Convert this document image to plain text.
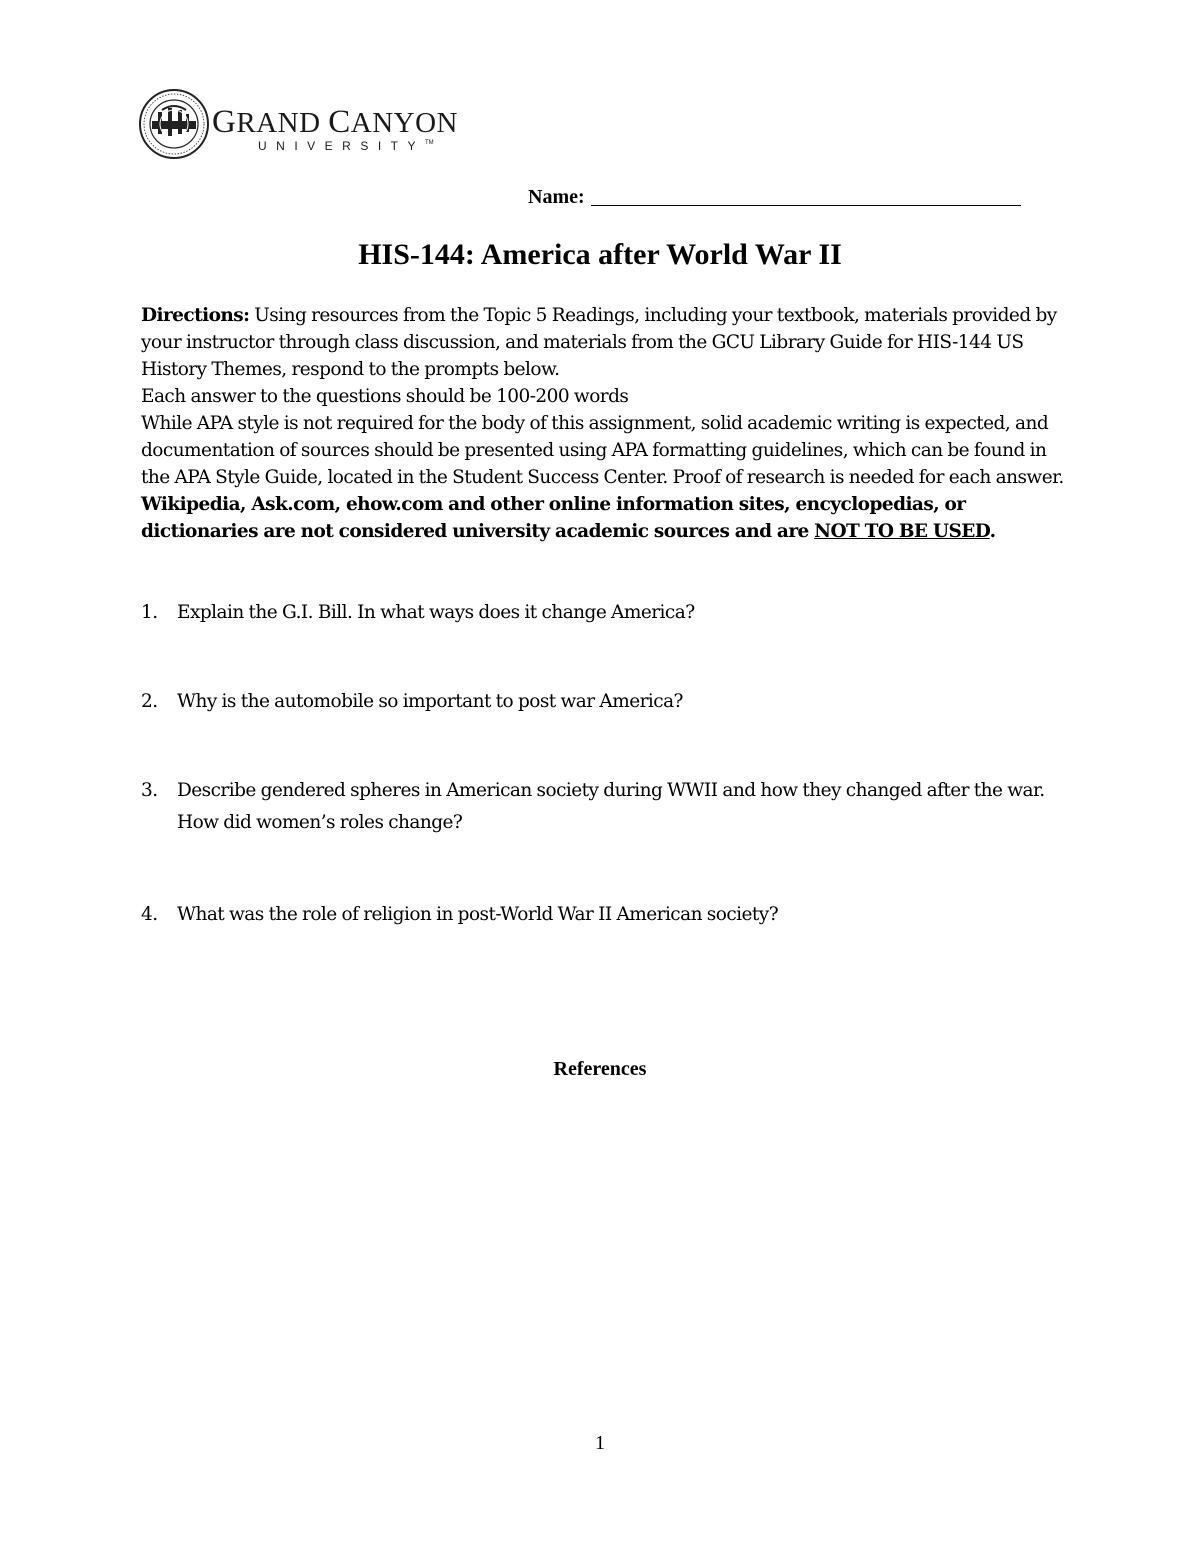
GRAND CANYON
UNIVERSITY™
Name:
HIS-144: America after World War II

Directions: Using resources from the Topic 5 Readings, including your textbook, materials provided by your instructor through class discussion, and materials from the GCU Library Guide for HIS-144 US History Themes, respond to the prompts below.

Each answer to the questions should be 100-200 words

While APA style is not required for the body of this assignment, solid academic writing is expected, and documentation of sources should be presented using APA formatting guidelines, which can be found in the APA Style Guide, located in the Student Success Center. Proof of research is needed for each answer.

Wikipedia, Ask.com, ehow.com and other online information sites, encyclopedias, or dictionaries are not considered university academic sources and are NOT TO BE USED.

1. Explain the G.I. Bill. In what ways does it change America?
2. Why is the automobile so important to post war America?
3. Describe gendered spheres in American society during WWII and how they changed after the war. How did women’s roles change?
4. What was the role of religion in post-World War II American society?
References
1
